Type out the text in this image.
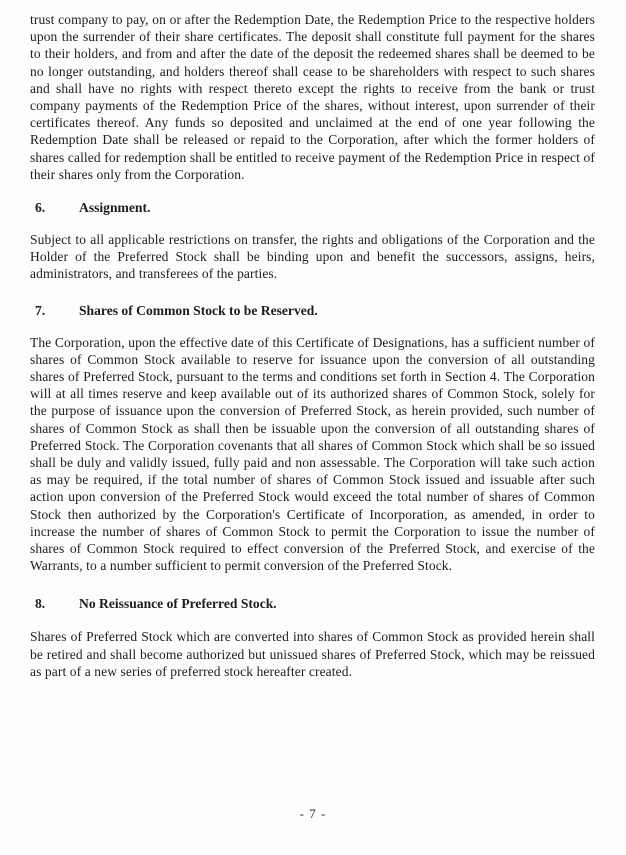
trust company to pay, on or after the Redemption Date, the Redemption Price to the respective holders upon the surrender of their share certificates. The deposit shall constitute full payment for the shares to their holders, and from and after the date of the deposit the redeemed shares shall be deemed to be no longer outstanding, and holders thereof shall cease to be shareholders with respect to such shares and shall have no rights with respect thereto except the rights to receive from the bank or trust company payments of the Redemption Price of the shares, without interest, upon surrender of their certificates thereof. Any funds so deposited and unclaimed at the end of one year following the Redemption Date shall be released or repaid to the Corporation, after which the former holders of shares called for redemption shall be entitled to receive payment of the Redemption Price in respect of their shares only from the Corporation.

6.	Assignment.

Subject to all applicable restrictions on transfer, the rights and obligations of the Corporation and the Holder of the Preferred Stock shall be binding upon and benefit the successors, assigns, heirs, administrators, and transferees of the parties.

7.	Shares of Common Stock to be Reserved.

The Corporation, upon the effective date of this Certificate of Designations, has a sufficient number of shares of Common Stock available to reserve for issuance upon the conversion of all outstanding shares of Preferred Stock, pursuant to the terms and conditions set forth in Section 4. The Corporation will at all times reserve and keep available out of its authorized shares of Common Stock, solely for the purpose of issuance upon the conversion of Preferred Stock, as herein provided, such number of shares of Common Stock as shall then be issuable upon the conversion of all outstanding shares of Preferred Stock. The Corporation covenants that all shares of Common Stock which shall be so issued shall be duly and validly issued, fully paid and non assessable. The Corporation will take such action as may be required, if the total number of shares of Common Stock issued and issuable after such action upon conversion of the Preferred Stock would exceed the total number of shares of Common Stock then authorized by the Corporation's Certificate of Incorporation, as amended, in order to increase the number of shares of Common Stock to permit the Corporation to issue the number of shares of Common Stock required to effect conversion of the Preferred Stock, and exercise of the Warrants, to a number sufficient to permit conversion of the Preferred Stock.

8.	No Reissuance of Preferred Stock.

Shares of Preferred Stock which are converted into shares of Common Stock as provided herein shall be retired and shall become authorized but unissued shares of Preferred Stock, which may be reissued as part of a new series of preferred stock hereafter created.

- 7 -
